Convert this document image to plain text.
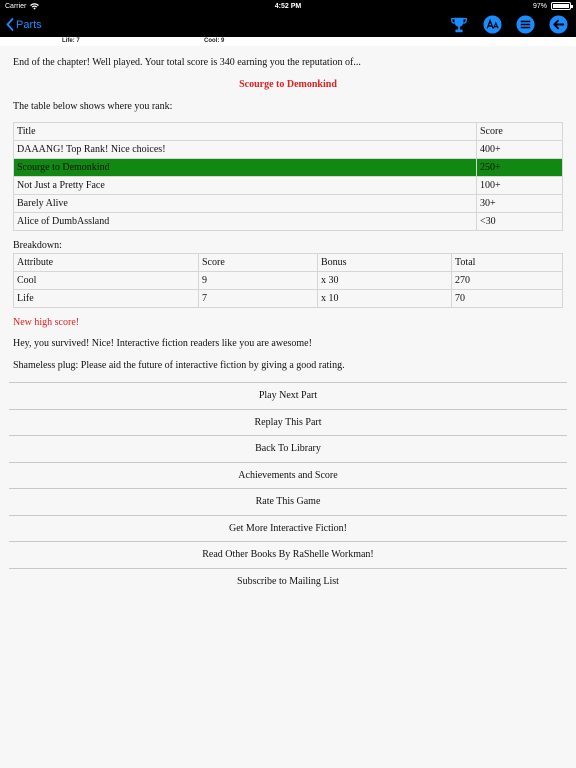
Carrier	4:52 PM	97%
Parts
Life: 7	Cool: 9
End of the chapter! Well played. Your total score is 340 earning you the reputation of...
Scourge to Demonkind
The table below shows where you rank:
Title	Score
DAAANG! Top Rank! Nice choices!	400+
Scourge to Demonkind	250+
Not Just a Pretty Face	100+
Barely Alive	30+
Alice of DumbAssland	<30
Breakdown:
Attribute	Score	Bonus	Total
Cool	9	x 30	270
Life	7	x 10	70
New high score!
Hey, you survived! Nice! Interactive fiction readers like you are awesome!
Shameless plug: Please aid the future of interactive fiction by giving a good rating.
Play Next Part
Replay This Part
Back To Library
Achievements and Score
Rate This Game
Get More Interactive Fiction!
Read Other Books By RaShelle Workman!
Subscribe to Mailing List
